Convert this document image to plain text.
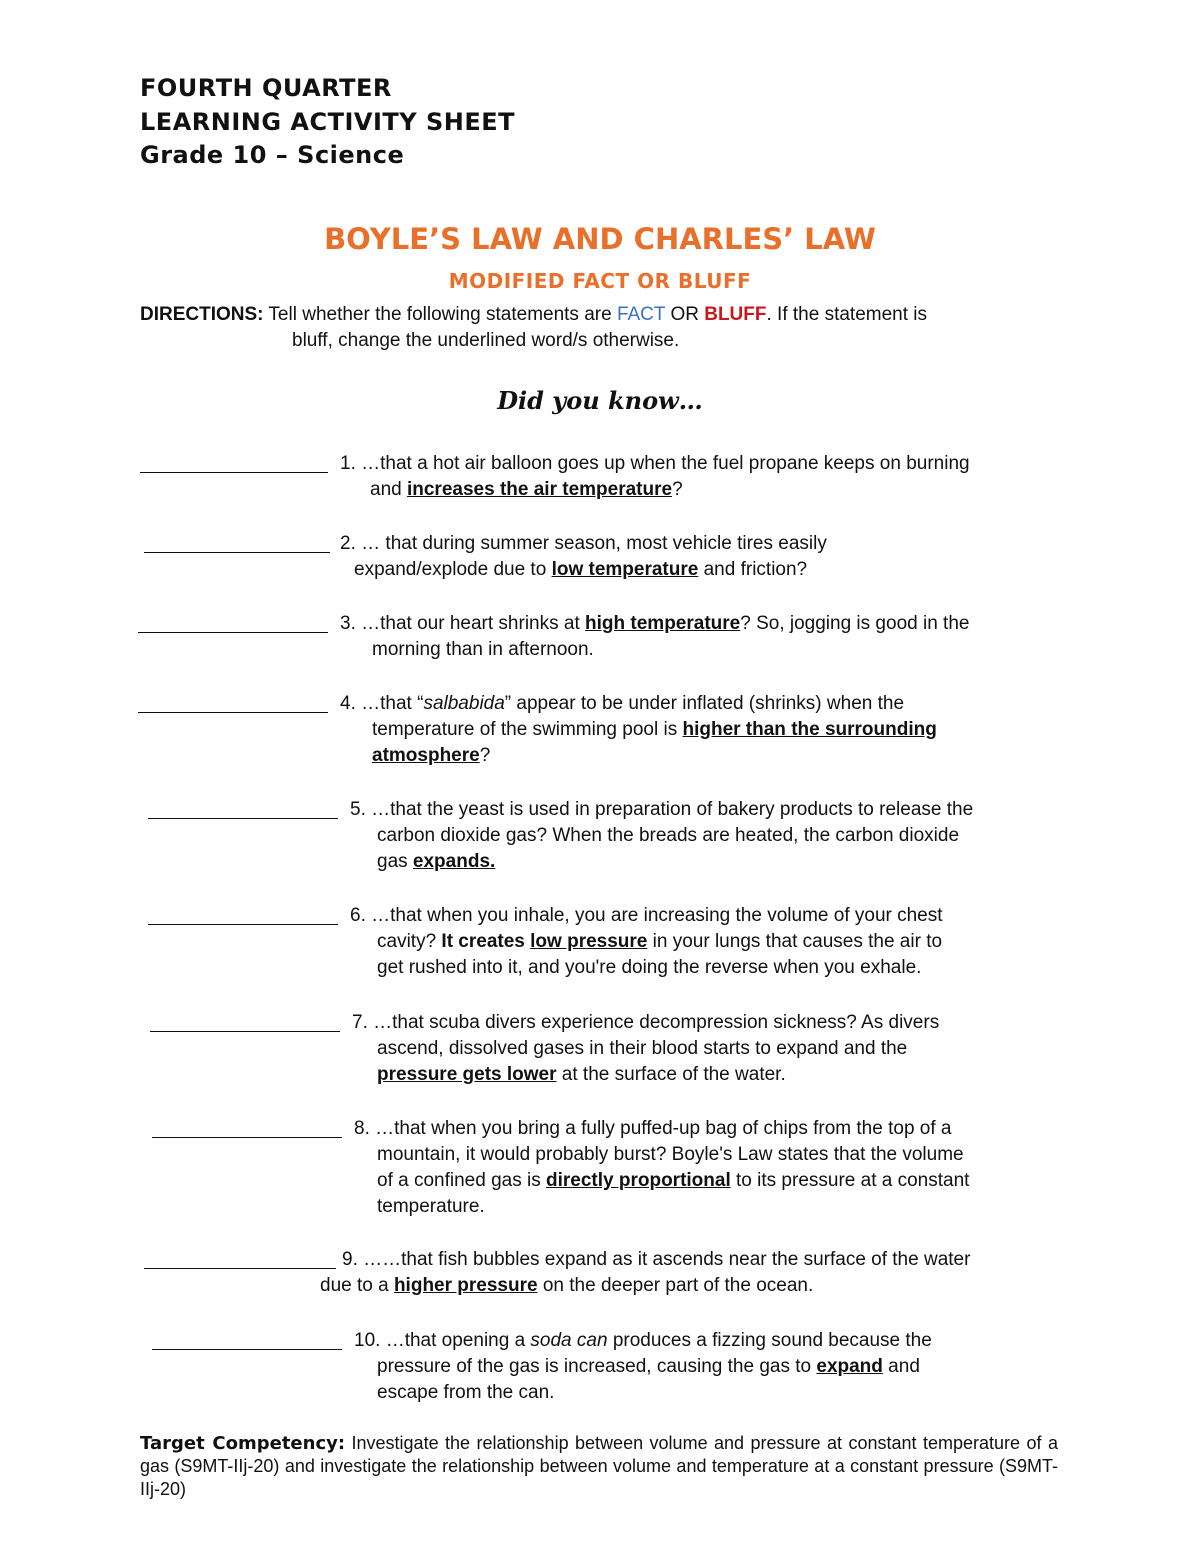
FOURTH QUARTER
LEARNING ACTIVITY SHEET
Grade 10 – Science
BOYLE’S LAW AND CHARLES’ LAW
MODIFIED FACT OR BLUFF
DIRECTIONS: Tell whether the following statements are FACT OR BLUFF. If the statement is
bluff, change the underlined word/s otherwise.
Did you know…
1. …that a hot air balloon goes up when the fuel propane keeps on burning
and increases the air temperature?
2. … that during summer season, most vehicle tires easily
expand/explode due to low temperature and friction?
3. …that our heart shrinks at high temperature? So, jogging is good in the
morning than in afternoon.
4. …that “salbabida” appear to be under inflated (shrinks) when the
temperature of the swimming pool is higher than the surrounding
atmosphere?
5. …that the yeast is used in preparation of bakery products to release the
carbon dioxide gas? When the breads are heated, the carbon dioxide
gas expands.
6. …that when you inhale, you are increasing the volume of your chest
cavity? It creates low pressure in your lungs that causes the air to
get rushed into it, and you're doing the reverse when you exhale.
7. …that scuba divers experience decompression sickness? As divers
ascend, dissolved gases in their blood starts to expand and the
pressure gets lower at the surface of the water.
8. …that when you bring a fully puffed-up bag of chips from the top of a
mountain, it would probably burst? Boyle's Law states that the volume
of a confined gas is directly proportional to its pressure at a constant
temperature.
9. ……that fish bubbles expand as it ascends near the surface of the water
due to a higher pressure on the deeper part of the ocean.
10. …that opening a soda can produces a fizzing sound because the
pressure of the gas is increased, causing the gas to expand and
escape from the can.
Target Competency: Investigate the relationship between volume and pressure at constant temperature of a gas (S9MT-IIj-20) and investigate the relationship between volume and temperature at a constant pressure (S9MT-IIj-20)
